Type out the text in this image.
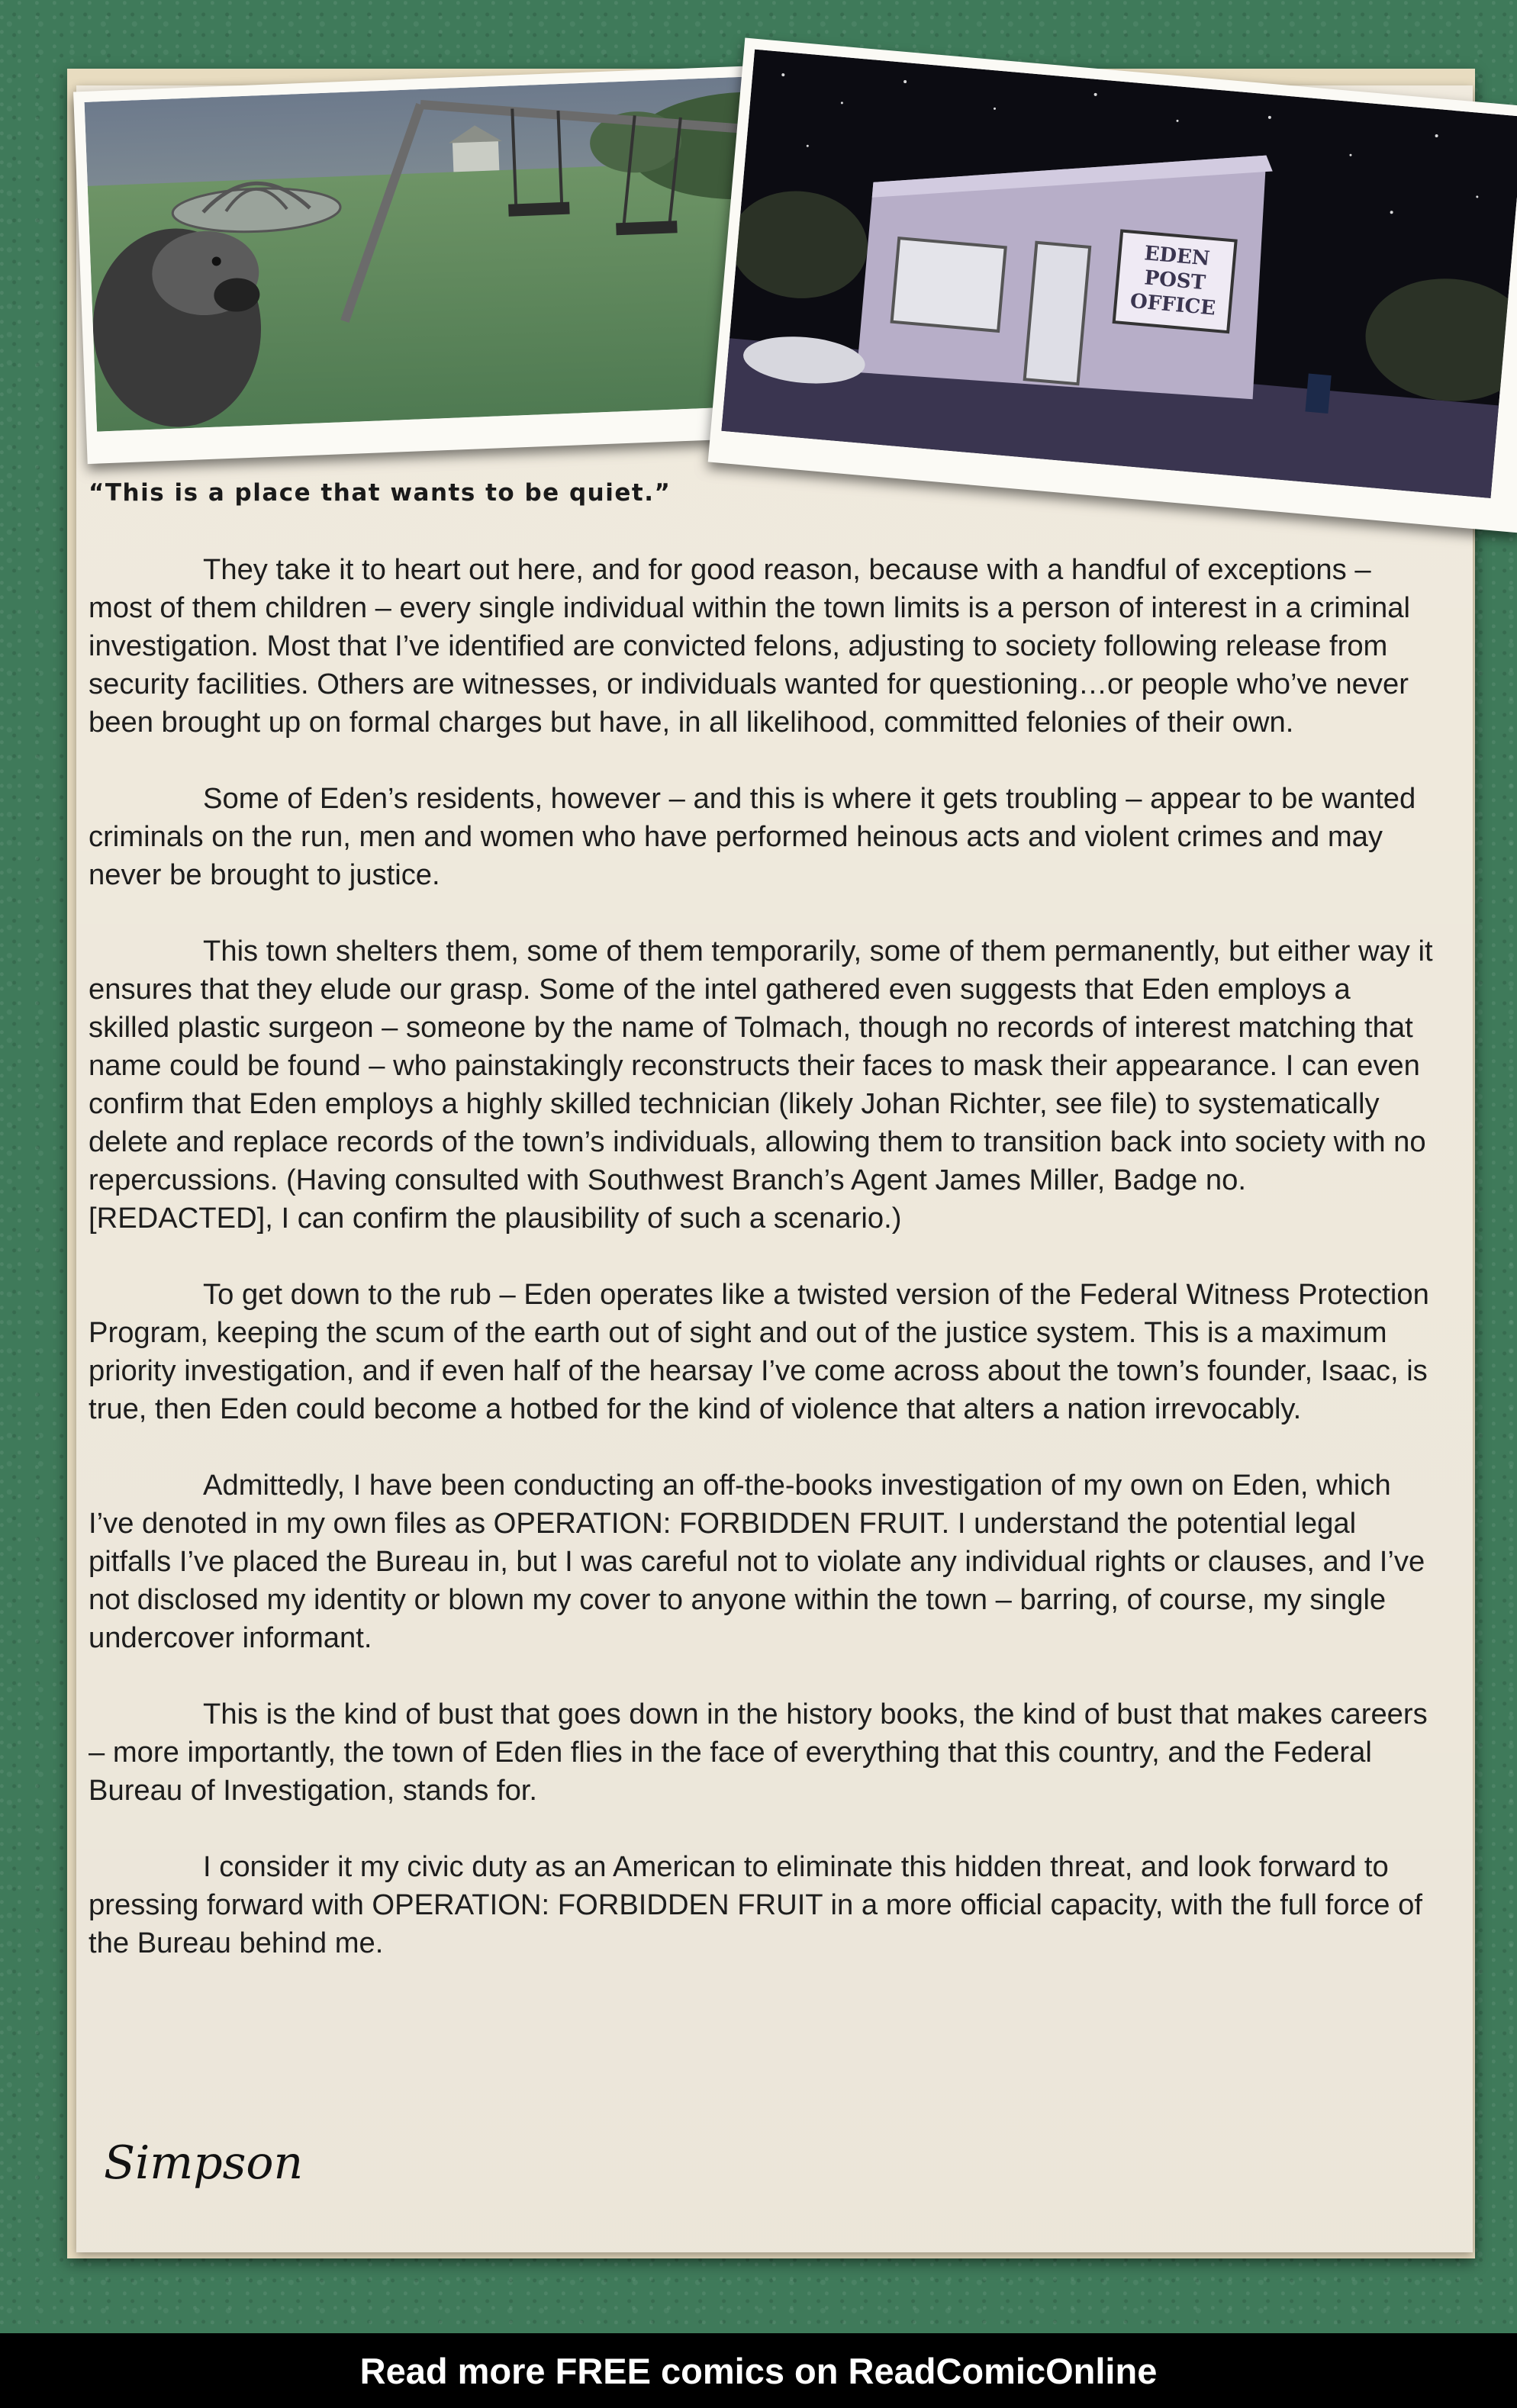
EDEN
POST
OFFICE
“This is a place that wants to be quiet.”

They take it to heart out here, and for good reason, because with a handful of exceptions – most of them children – every single individual within the town limits is a person of interest in a criminal investigation. Most that I’ve identified are convicted felons, adjusting to society following release from security facilities. Others are witnesses, or individuals wanted for questioning…or people who’ve never been brought up on formal charges but have, in all likelihood, committed felonies of their own.

Some of Eden’s residents, however – and this is where it gets troubling – appear to be wanted criminals on the run, men and women who have performed heinous acts and violent crimes and may never be brought to justice.

This town shelters them, some of them temporarily, some of them permanently, but either way it ensures that they elude our grasp. Some of the intel gathered even suggests that Eden employs a skilled plastic surgeon – someone by the name of Tolmach, though no records of interest matching that name could be found – who painstakingly reconstructs their faces to mask their appearance. I can even confirm that Eden employs a highly skilled technician (likely Johan Richter, see file) to systematically delete and replace records of the town’s individuals, allowing them to transition back into society with no repercussions. (Having consulted with Southwest Branch’s Agent James Miller, Badge no. [REDACTED], I can confirm the plausibility of such a scenario.)

To get down to the rub – Eden operates like a twisted version of the Federal Witness Protection Program, keeping the scum of the earth out of sight and out of the justice system. This is a maximum priority investigation, and if even half of the hearsay I’ve come across about the town’s founder, Isaac, is true, then Eden could become a hotbed for the kind of violence that alters a nation irrevocably.

Admittedly, I have been conducting an off-the-books investigation of my own on Eden, which I’ve denoted in my own files as OPERATION: FORBIDDEN FRUIT. I understand the potential legal pitfalls I’ve placed the Bureau in, but I was careful not to violate any individual rights or clauses, and I’ve not disclosed my identity or blown my cover to anyone within the town – barring, of course, my single undercover informant.

This is the kind of bust that goes down in the history books, the kind of bust that makes careers – more importantly, the town of Eden flies in the face of everything that this country, and the Federal Bureau of Investigation, stands for.

I consider it my civic duty as an American to eliminate this hidden threat, and look forward to pressing forward with OPERATION: FORBIDDEN FRUIT in a more official capacity, with the full force of the Bureau behind me.

Simpson
Read more FREE comics on ReadComicOnline
